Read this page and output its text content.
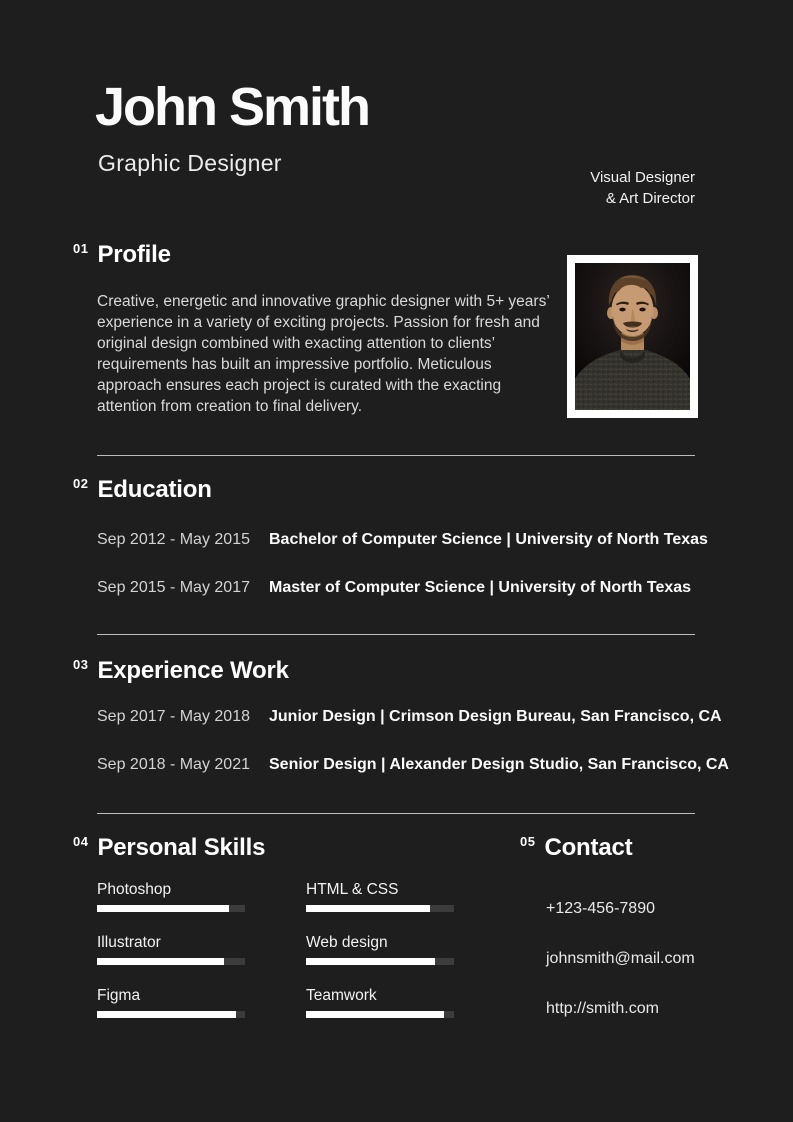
John Smith
Graphic Designer
Visual Designer
& Art Director
01 Profile
Creative, energetic and innovative graphic designer with 5+ years’ experience in a variety of exciting projects. Passion for fresh and original design combined with exacting attention to clients’ requirements has built an impressive portfolio. Meticulous approach ensures each project is curated with the exacting attention from creation to final delivery.
02 Education
Sep 2012 - May 2015	Bachelor of Computer Science | University of North Texas
Sep 2015 - May 2017	Master of Computer Science | University of North Texas
03 Experience Work
Sep 2017 - May 2018	Junior Design | Crimson Design Bureau, San Francisco, CA
Sep 2018 - May 2021	Senior Design | Alexander Design Studio, San Francisco, CA
04 Personal Skills
Photoshop	HTML & CSS
Illustrator	Web design
Figma	Teamwork
05 Contact
+123-456-7890
johnsmith@mail.com
http://smith.com
